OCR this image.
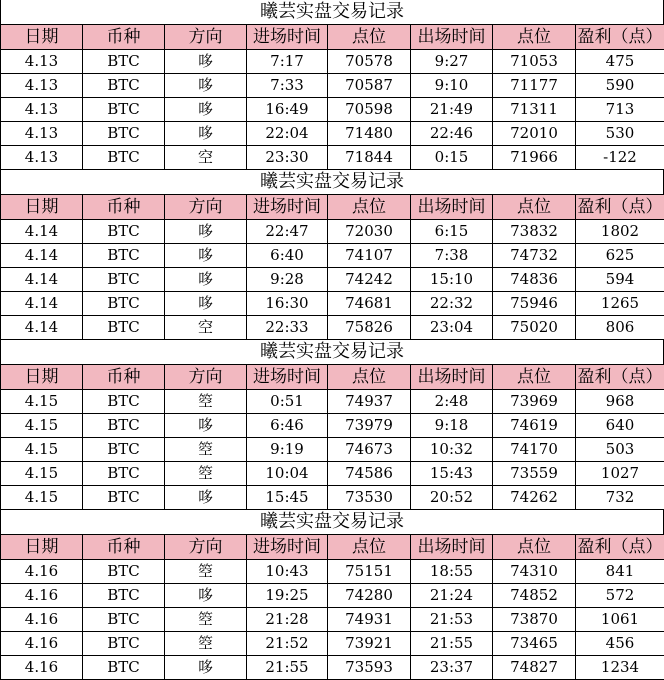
曦芸实盘交易记录
日期	币种	方向	进场时间	点位	出场时间	点位	盈利（点）
4.13	BTC	哆	7:17	70578	9:27	71053	475
4.13	BTC	哆	7:33	70587	9:10	71177	590
4.13	BTC	哆	16:49	70598	21:49	71311	713
4.13	BTC	哆	22:04	71480	22:46	72010	530
4.13	BTC	空	23:30	71844	0:15	71966	-122
曦芸实盘交易记录
日期	币种	方向	进场时间	点位	出场时间	点位	盈利（点）
4.14	BTC	哆	22:47	72030	6:15	73832	1802
4.14	BTC	哆	6:40	74107	7:38	74732	625
4.14	BTC	哆	9:28	74242	15:10	74836	594
4.14	BTC	哆	16:30	74681	22:32	75946	1265
4.14	BTC	空	22:33	75826	23:04	75020	806
曦芸实盘交易记录
日期	币种	方向	进场时间	点位	出场时间	点位	盈利（点）
4.15	BTC	箜	0:51	74937	2:48	73969	968
4.15	BTC	哆	6:46	73979	9:18	74619	640
4.15	BTC	箜	9:19	74673	10:32	74170	503
4.15	BTC	箜	10:04	74586	15:43	73559	1027
4.15	BTC	哆	15:45	73530	20:52	74262	732
曦芸实盘交易记录
日期	币种	方向	进场时间	点位	出场时间	点位	盈利（点）
4.16	BTC	箜	10:43	75151	18:55	74310	841
4.16	BTC	哆	19:25	74280	21:24	74852	572
4.16	BTC	箜	21:28	74931	21:53	73870	1061
4.16	BTC	箜	21:52	73921	21:55	73465	456
4.16	BTC	哆	21:55	73593	23:37	74827	1234
